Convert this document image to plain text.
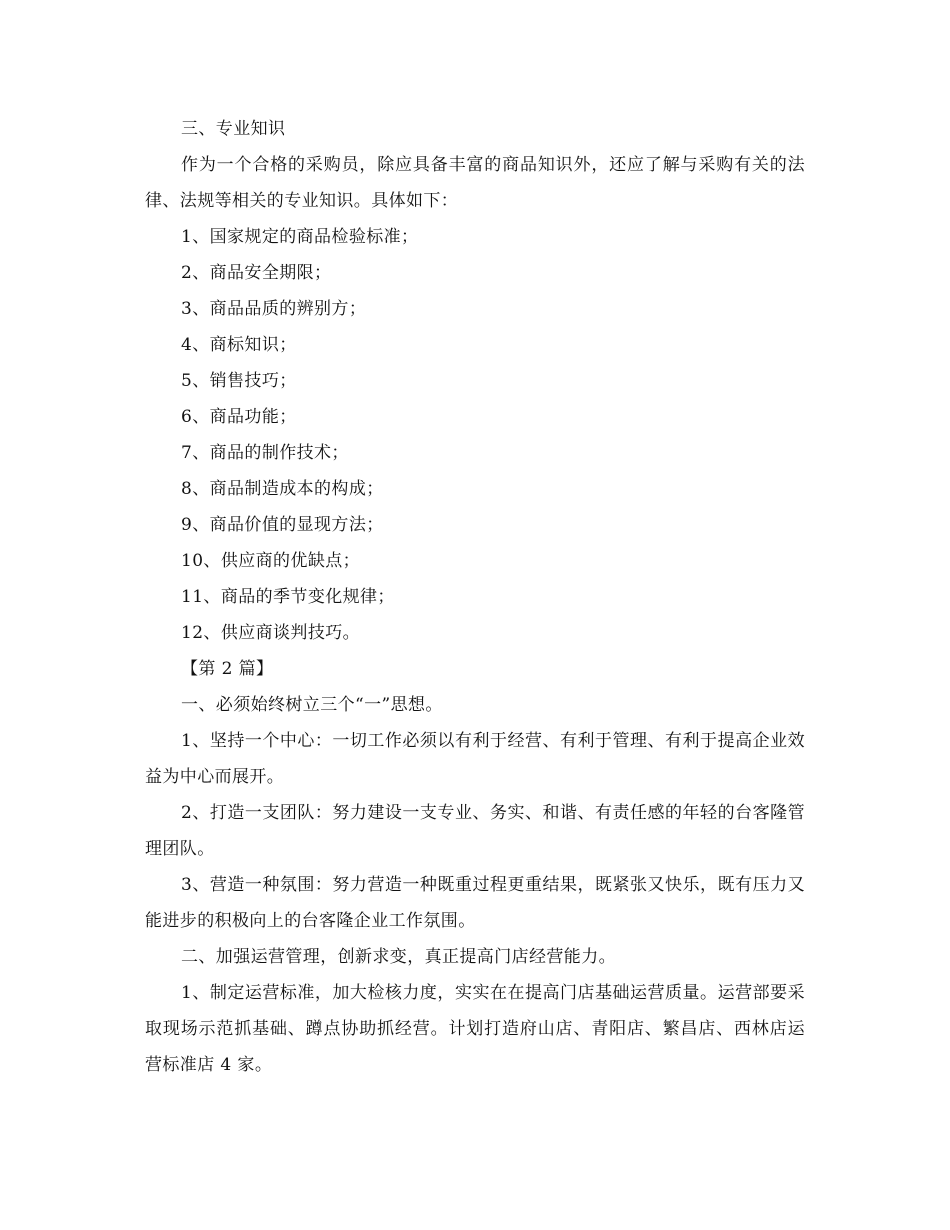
三、专业知识

作为一个合格的采购员，除应具备丰富的商品知识外，还应了解与采购有关的法律、法规等相关的专业知识。具体如下：

1、国家规定的商品检验标准；

2、商品安全期限；

3、商品品质的辨别方；

4、商标知识；

5、销售技巧；

6、商品功能；

7、商品的制作技术；

8、商品制造成本的构成；

9、商品价值的显现方法；

10、供应商的优缺点；

11、商品的季节变化规律；

12、供应商谈判技巧。

【第 2 篇】

一、必须始终树立三个“一”思想。

1、坚持一个中心：一切工作必须以有利于经营、有利于管理、有利于提高企业效益为中心而展开。

2、打造一支团队：努力建设一支专业、务实、和谐、有责任感的年轻的台客隆管理团队。

3、营造一种氛围：努力营造一种既重过程更重结果，既紧张又快乐，既有压力又能进步的积极向上的台客隆企业工作氛围。

二、加强运营管理，创新求变，真正提高门店经营能力。

1、制定运营标准，加大检核力度，实实在在提高门店基础运营质量。运营部要采取现场示范抓基础、蹲点协助抓经营。计划打造府山店、青阳店、繁昌店、西林店运营标准店 4 家。
